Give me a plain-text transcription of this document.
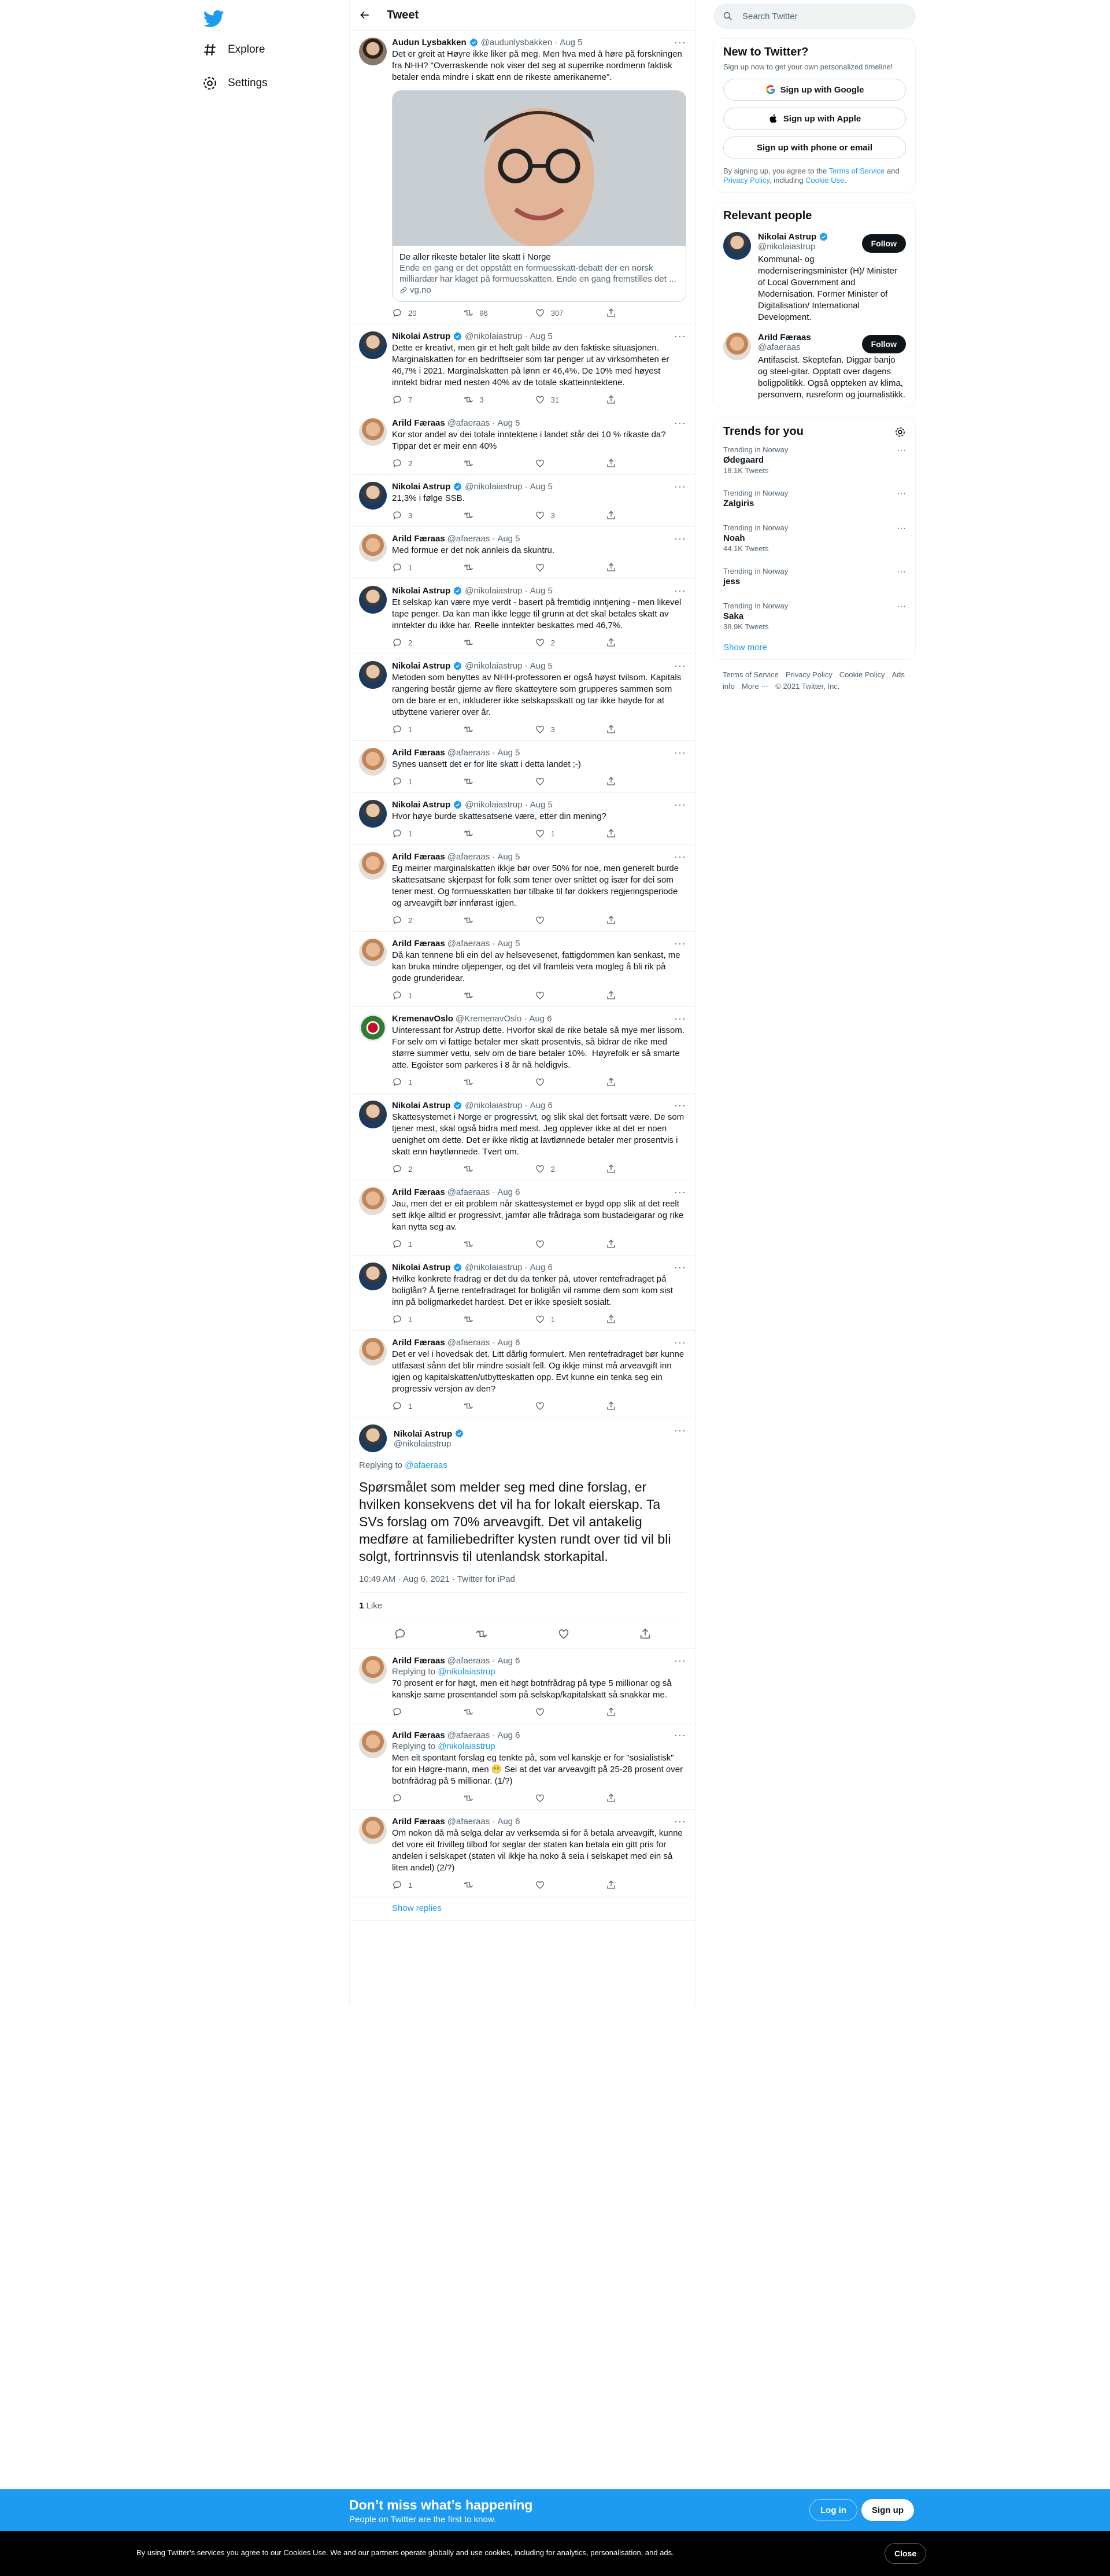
Explore
Settings
Tweet
Audun Lysbakken @audunlysbakken · Aug 5	···
Det er greit at Høyre ikke liker på meg. Men hva med å høre på forskningen fra NHH? "Overraskende nok viser det seg at superrike nordmenn faktisk betaler enda mindre i skatt enn de rikeste amerikanerne".
De aller rikeste betaler lite skatt i Norge
Ende en gang er det oppstått en formuesskatt-debatt der en norsk milliardær har klaget på formuesskatten. Ende en gang fremstilles det ...
vg.no
20	96	307
Nikolai Astrup @nikolaiastrup · Aug 5	···
Dette er kreativt, men gir et helt galt bilde av den faktiske situasjonen. Marginalskatten for en bedriftseier som tar penger ut av virksomheten er 46,7% i 2021. Marginalskatten på lønn er 46,4%. De 10% med høyest inntekt bidrar med nesten 40% av de totale skatteinntektene.
7	3	31
Arild Færaas @afaeraas · Aug 5	···
Kor stor andel av dei totale inntektene i landet står dei 10 % rikaste da? Tippar det er meir enn 40%
2
Nikolai Astrup @nikolaiastrup · Aug 5	···
21,3% i følge SSB.
3	3
Arild Færaas @afaeraas · Aug 5	···
Med formue er det nok annleis da skuntru.
1
Nikolai Astrup @nikolaiastrup · Aug 5	···
Et selskap kan være mye verdt - basert på fremtidig inntjening - men likevel tape penger. Da kan man ikke legge til grunn at det skal betales skatt av inntekter du ikke har. Reelle inntekter beskattes med 46,7%.
2	2
Nikolai Astrup @nikolaiastrup · Aug 5	···
Metoden som benyttes av NHH-professoren er også høyst tvilsom. Kapitals rangering består gjerne av flere skatteytere som grupperes sammen som om de bare er en, inkluderer ikke selskapsskatt og tar ikke høyde for at utbyttene varierer over år.
1	3
Arild Færaas @afaeraas · Aug 5	···
Synes uansett det er for lite skatt i detta landet ;-)
1
Nikolai Astrup @nikolaiastrup · Aug 5	···
Hvor høye burde skattesatsene være, etter din mening?
1	1
Arild Færaas @afaeraas · Aug 5	···
Eg meiner marginalskatten ikkje bør over 50% for noe, men generelt burde skattesatsane skjerpast for folk som tener over snittet og især for dei som tener mest. Og formuesskatten bør tilbake til før dokkers regjeringsperiode og arveavgift bør innførast igjen.
2
Arild Færaas @afaeraas · Aug 5	···
Då kan tennene bli ein del av helsevesenet, fattigdommen kan senkast, me kan bruka mindre oljepenger, og det vil framleis vera mogleg å bli rik på gode grunderidear.
1
KremenavOslo @KremenavOslo · Aug 6	···
Uinteressant for Astrup dette. Hvorfor skal de rike betale så mye mer lissom. For selv om vi fattige betaler mer skatt prosentvis, så bidrar de rike med større summer vettu, selv om de bare betaler 10%.  Høyrefolk er så smarte atte. Egoister som parkeres i 8 år nå heldigvis.
1
Nikolai Astrup @nikolaiastrup · Aug 6	···
Skattesystemet i Norge er progressivt, og slik skal det fortsatt være. De som tjener mest, skal også bidra med mest. Jeg opplever ikke at det er noen uenighet om dette. Det er ikke riktig at lavtlønnede betaler mer prosentvis i skatt enn høytlønnede. Tvert om.
2	2
Arild Færaas @afaeraas · Aug 6	···
Jau, men det er eit problem når skattesystemet er bygd opp slik at det reelt sett ikkje alltid er progressivt, jamfør alle frådraga som bustadeigarar og rike kan nytta seg av.
1
Nikolai Astrup @nikolaiastrup · Aug 6	···
Hvilke konkrete fradrag er det du da tenker på, utover rentefradraget på boliglån? Å fjerne rentefradraget for boliglån vil ramme dem som kom sist inn på boligmarkedet hardest. Det er ikke spesielt sosialt.
1	1
Arild Færaas @afaeraas · Aug 6	···
Det er vel i hovedsak det. Litt dårlig formulert. Men rentefradraget bør kunne uttfasast sånn det blir mindre sosialt fell. Og ikkje minst må arveavgift inn igjen og kapitalskatten/utbytteskatten opp. Evt kunne ein tenka seg ein progressiv versjon av den?
1
Nikolai Astrup
@nikolaiastrup
···
Replying to @afaeraas
Spørsmålet som melder seg med dine forslag, er hvilken konsekvens det vil ha for lokalt eierskap. Ta SVs forslag om 70% arveavgift. Det vil antakelig medføre at familiebedrifter kysten rundt over tid vil bli solgt, fortrinnsvis til utenlandsk storkapital.
10:49 AM · Aug 6, 2021 · Twitter for iPad
1 Like
Arild Færaas @afaeraas · Aug 6	···
Replying to @nikolaiastrup
70 prosent er for høgt, men eit høgt botnfrådrag på type 5 millionar og så kanskje same prosentandel som på selskap/kapitalskatt så snakkar me.
Arild Færaas @afaeraas · Aug 6	···
Replying to @nikolaiastrup
Men eit spontant forslag eg tenkte på, som vel kanskje er for "sosialistisk" for ein Høgre-mann, men 😬 Sei at det var arveavgift på 25-28 prosent over botnfrådrag på 5 millionar. (1/?)
Arild Færaas @afaeraas · Aug 6	···
Om nokon då må selga delar av verksemda si for å betala arveavgift, kunne det vore eit frivilleg tilbod for seglar der staten kan betala ein gitt pris for andelen i selskapet (staten vil ikkje ha noko å seia i selskapet med ein så liten andel) (2/?)
1
Show replies
Search Twitter
New to Twitter?
Sign up now to get your own personalized timeline!
Sign up with Google
Sign up with Apple
Sign up with phone or email
By signing up, you agree to the Terms of Service and Privacy Policy, including Cookie Use.
Relevant people
Nikolai Astrup
@nikolaiastrup
Kommunal- og moderniseringsminister (H)/ Minister of Local Government and Modernisation. Former Minister of Digitalisation/ International Development.
Follow
Arild Færaas
@afaeraas
Antifascist. Skeptefan. Diggar banjo og steel-gitar. Opptatt over dagens boligpolitikk. Også oppteken av klima, personvern, rusreform og journalistikk.
Follow
Trends for you
Trending in Norway
Ødegaard
18.1K Tweets
···
Trending in Norway
Zalgiris
···
Trending in Norway
Noah
44.1K Tweets
···
Trending in Norway
jess
···
Trending in Norway
Saka
38.9K Tweets
···
Show more
Terms of Service Privacy Policy Cookie Policy Ads info More ··· © 2021 Twitter, Inc.
Don’t miss what’s happening
People on Twitter are the first to know.
Log in	Sign up
By using Twitter’s services you agree to our Cookies Use. We and our partners operate globally and use cookies, including for analytics, personalisation, and ads.	Close
